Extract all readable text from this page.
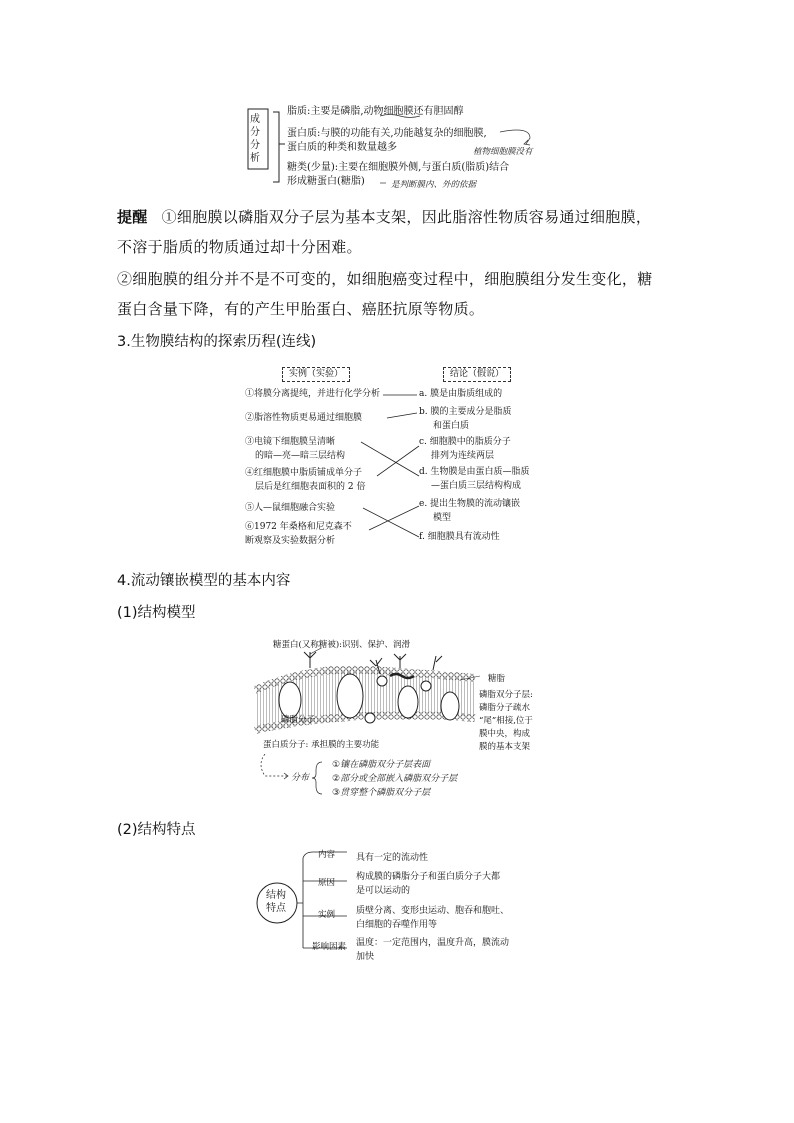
成分分析
脂质:主要是磷脂,动物细胞膜还有胆固醇
蛋白质:与膜的功能有关,功能越复杂的细胞膜,
蛋白质的种类和数量越多
糖类(少量):主要在细胞膜外侧,与蛋白质(脂质)结合
形成糖蛋白(糖脂)
植物细胞膜没有
是判断膜内、外的依据
提醒 ①细胞膜以磷脂双分子层为基本支架，因此脂溶性物质容易通过细胞膜，
不溶于脂质的物质通过却十分困难。
②细胞膜的组分并不是不可变的，如细胞癌变过程中，细胞膜组分发生变化，糖
蛋白含量下降，有的产生甲胎蛋白、癌胚抗原等物质。
3.生物膜结构的探索历程(连线)
实例（实验）	结论（假说）
①将膜分离提纯，并进行化学分析
②脂溶性物质更易通过细胞膜
③电镜下细胞膜呈清晰
的暗—亮—暗三层结构
④红细胞膜中脂质铺成单分子
层后是红细胞表面积的 2 倍
⑤人—鼠细胞融合实验
⑥1972 年桑格和尼克森不
断观察及实验数据分析
a. 膜是由脂质组成的
b. 膜的主要成分是脂质
和蛋白质
c. 细胞膜中的脂质分子
排列为连续两层
d. 生物膜是由蛋白质—脂质
—蛋白质三层结构构成
e. 提出生物膜的流动镶嵌
模型
f. 细胞膜具有流动性
4.流动镶嵌模型的基本内容
(1)结构模型
糖蛋白(又称糖被):识别、保护、润滑
糖脂
磷脂分子
磷脂双分子层:
磷脂分子疏水
“尾”相接,位于
膜中央，构成
膜的基本支架
蛋白质分子: 承担膜的主要功能
分布
①镶在磷脂双分子层表面
②部分或全部嵌入磷脂双分子层
③贯穿整个磷脂双分子层
(2)结构特点
结构特点
内容 具有一定的流动性
原因
构成膜的磷脂分子和蛋白质分子大都
是可以运动的
实例 质壁分离、变形虫运动、胞吞和胞吐、
白细胞的吞噬作用等
影响因素 温度：一定范围内，温度升高，膜流动
加快
